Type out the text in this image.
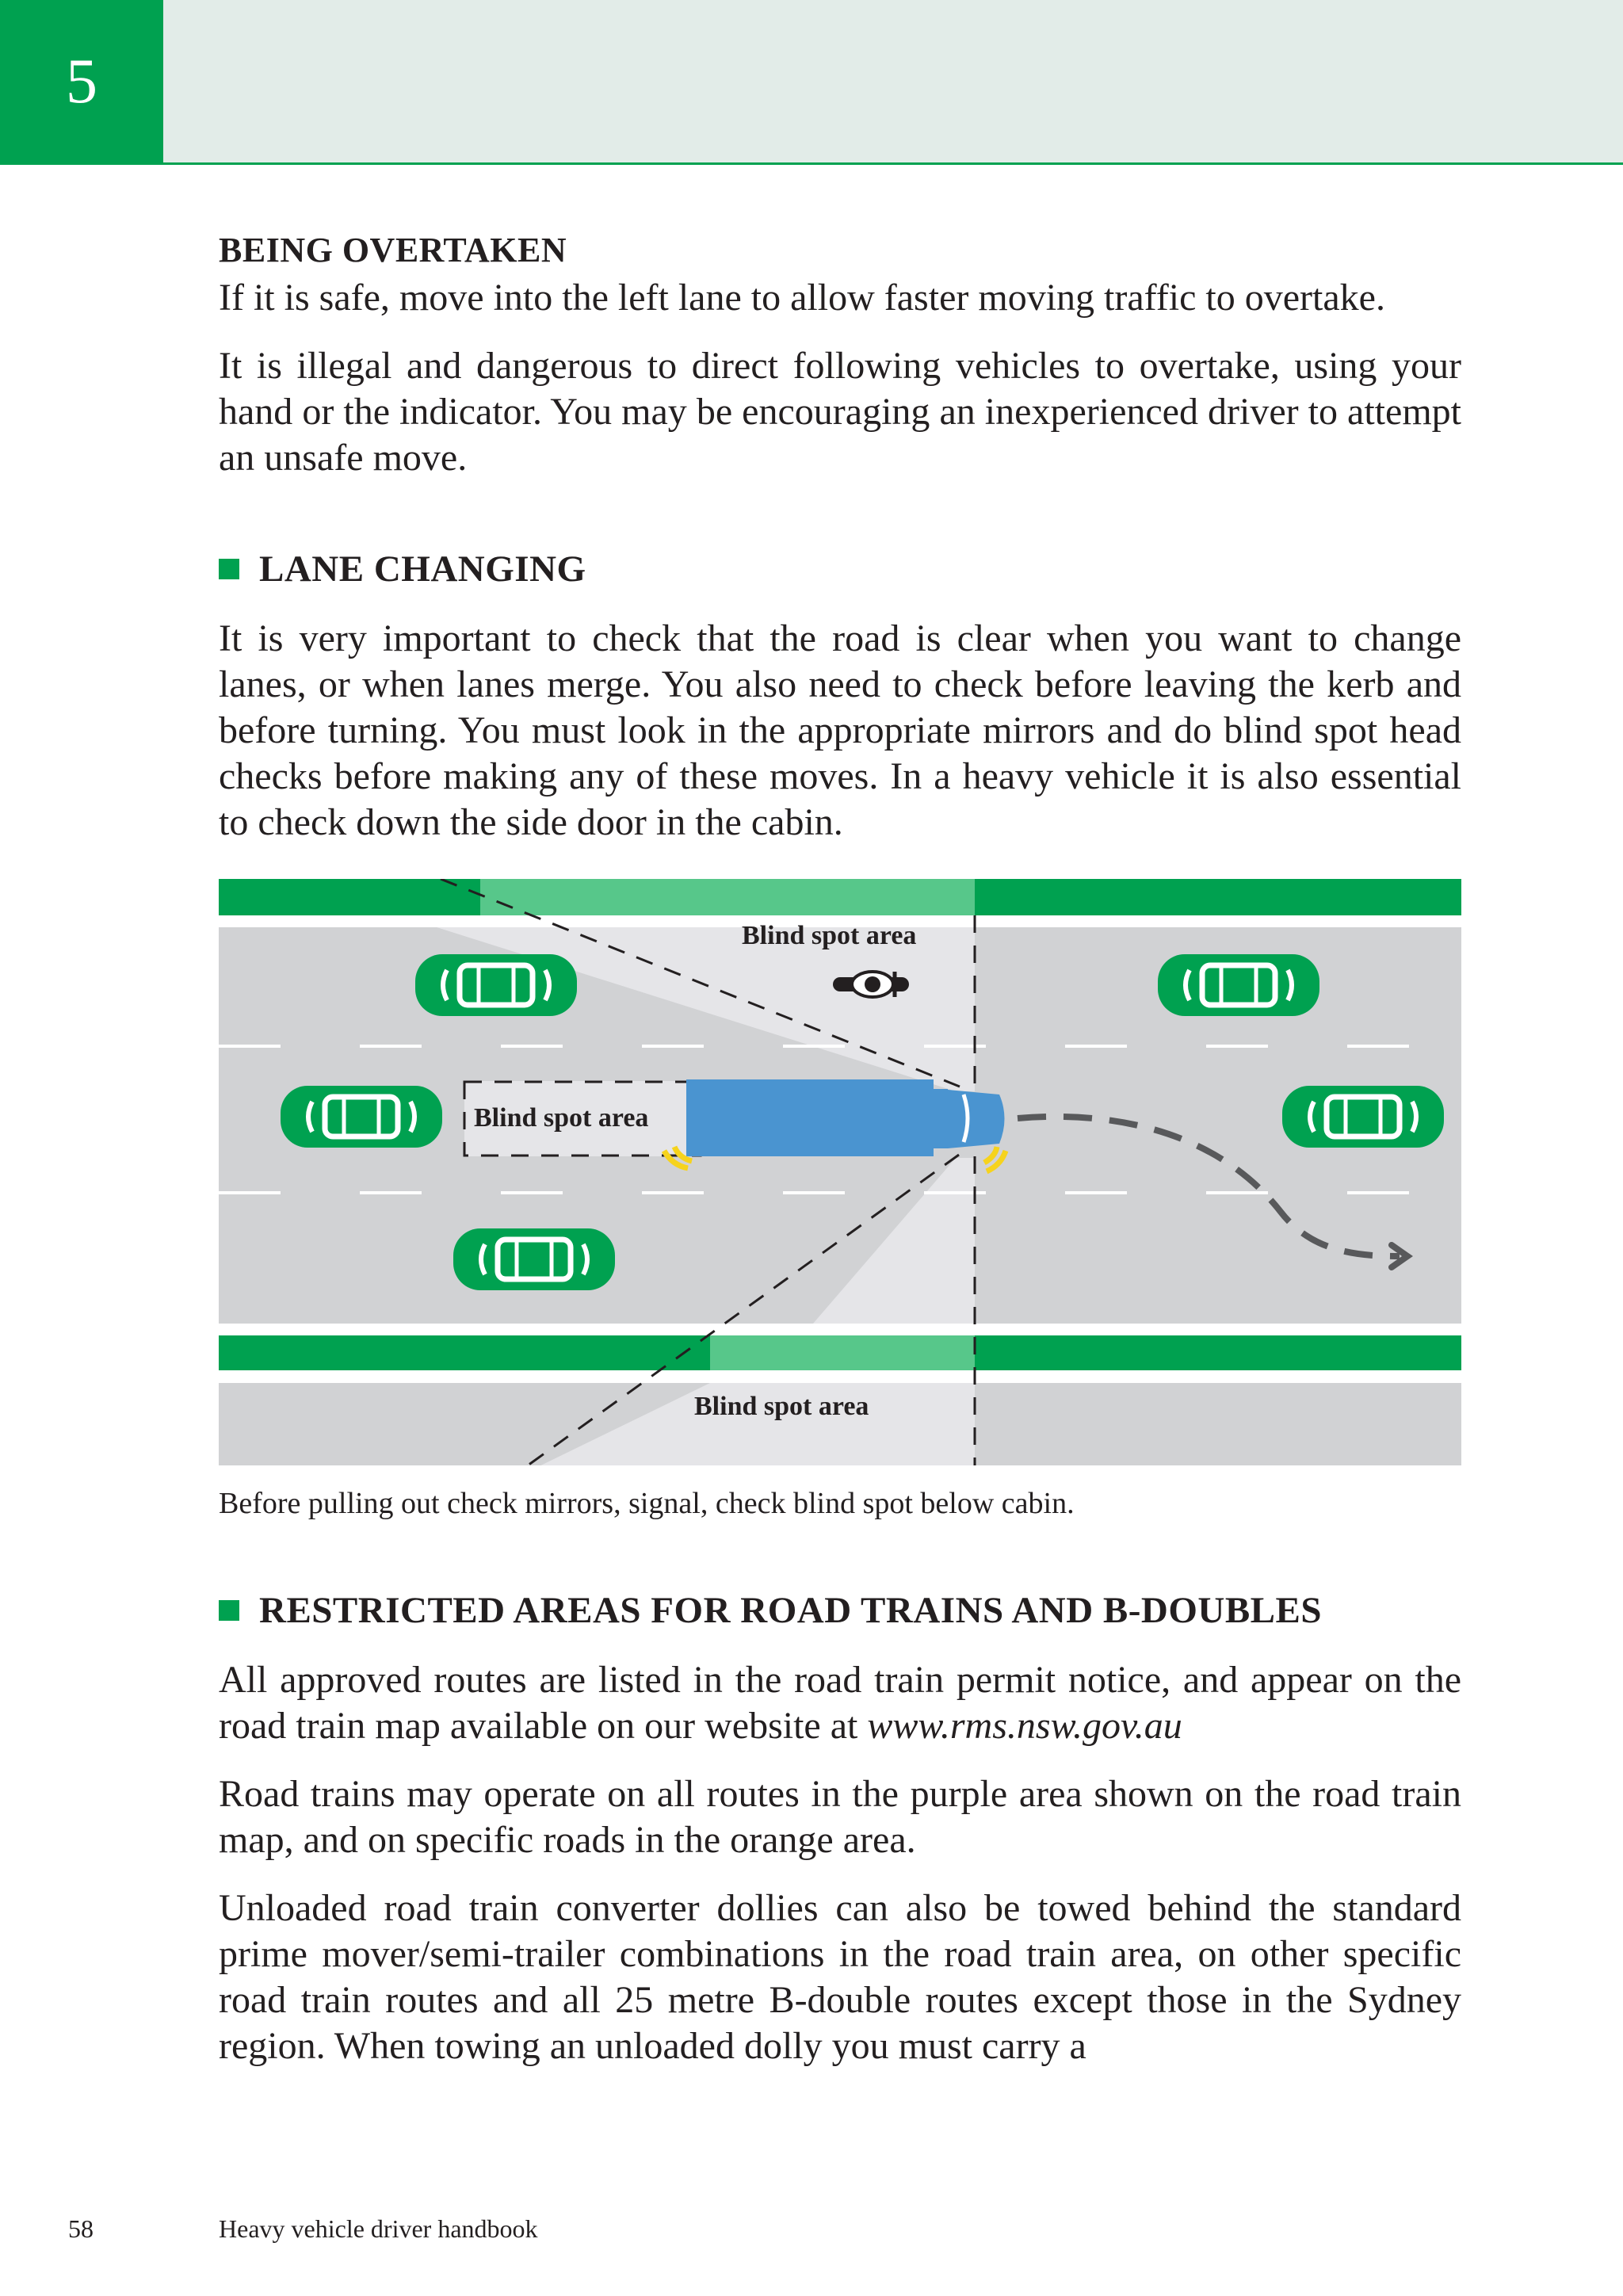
5

BEING OVERTAKEN

If it is safe, move into the left lane to allow faster moving traffic to overtake.

It is illegal and dangerous to direct following vehicles to overtake, using your hand or the indicator. You may be encouraging an inexperienced driver to attempt an unsafe move.

LANE CHANGING

It is very important to check that the road is clear when you want to change lanes, or when lanes merge. You also need to check before leaving the kerb and before turning. You must look in the appropriate mirrors and do blind spot head checks before making any of these moves. In a heavy vehicle it is also essential to check down the side door in the cabin.

Blind spot area
Blind spot area
Blind spot area

Before pulling out check mirrors, signal, check blind spot below cabin.

RESTRICTED AREAS FOR ROAD TRAINS AND B-DOUBLES

All approved routes are listed in the road train permit notice, and appear on the road train map available on our website at www.rms.nsw.gov.au

Road trains may operate on all routes in the purple area shown on the road train map, and on specific roads in the orange area.

Unloaded road train converter dollies can also be towed behind the standard prime mover/semi-trailer combinations in the road train area, on other specific road train routes and all 25 metre B-double routes except those in the Sydney region. When towing an unloaded dolly you must carry a

58	Heavy vehicle driver handbook
